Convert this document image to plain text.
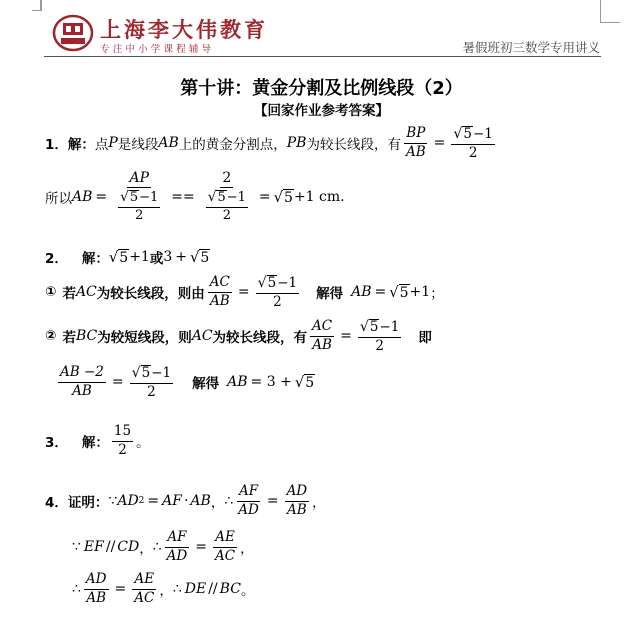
上海李大伟教育
专注中小学课程辅导	暑假班初三数学专用讲义
第十讲：黄金分割及比例线段（2）
【回家作业参考答案】
1． 解： 点 P 是线段 AB 上的黄金分割点， PB 为较长线段，有 $\frac{BP}{AB} = \frac{√ 5 -1}{2}$
所以 AB = $\frac{AP}{\frac{√ 5 -1}{2}} == \frac{2}{\frac{√ 5 -1}{2}}$ = √ 5 +1 cm .
2． 解： √ 5 +1 或 3 + √ 5
① 若 AC 为较长线段，则由 $\frac{AC}{AB} = \frac{√ 5 -1}{2}$ 解得 AB = √ 5 +1 ；
② 若 BC 为较短线段，则 AC 为较长线段，有 $\frac{AC}{AB} = \frac{√ 5 -1}{2}$ 即
$\frac{AB -2}{AB} = \frac{√ 5 -1}{2}$ 解得 AB = 3 + √ 5
3． 解： $\frac{15}{2}$ 。
4． 证明： ∵ AD 2 = AF · AB ， ∴ $\frac{AF}{AD} = \frac{AD}{AB}$ ，
∵ EF // CD ， ∴ $\frac{AF}{AD} = \frac{AE}{AC}$ ，
∴ $\frac{AD}{AB} = \frac{AE}{AC}$ ， ∴ DE // BC 。
